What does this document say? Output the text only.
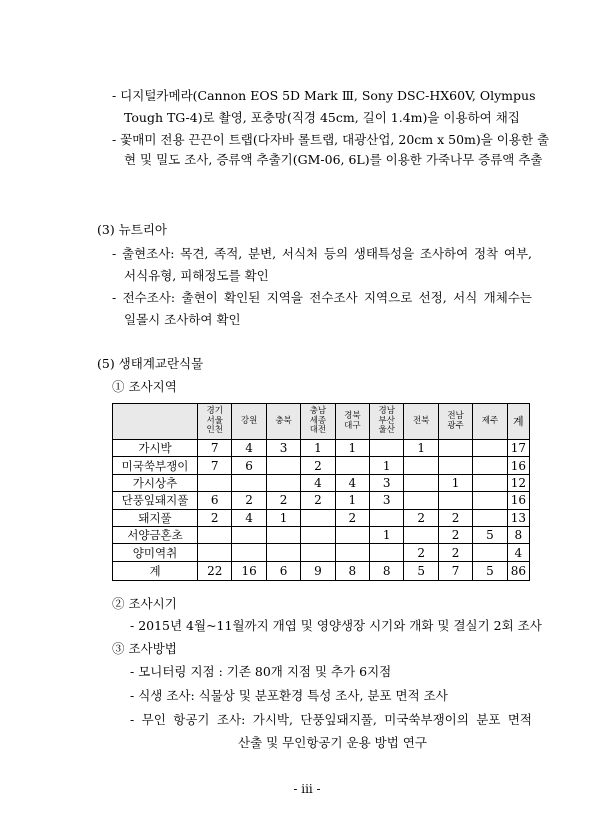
- 디지털카메라(Cannon EOS 5D Mark Ⅲ, Sony DSC-HX60V, Olympus
Tough TG-4)로 촬영, 포충망(직경 45cm, 길이 1.4m)을 이용하여 채집
- 꽃매미 전용 끈끈이 트랩(다자바 롤트랩, 대광산업, 20cm x 50m)을 이용한 출
현 및 밀도 조사, 증류액 추출기(GM-06, 6L)를 이용한 가죽나무 증류액 추출
(3) 뉴트리아
- 출현조사: 목견, 족적, 분변, 서식처 등의 생태특성을 조사하여 정착 여부,
서식유형, 피해정도를 확인
- 전수조사: 출현이 확인된 지역을 전수조사 지역으로 선정, 서식 개체수는
일몰시 조사하여 확인
(5) 생태계교란식물
① 조사지역
	경기
서울
인천	강원	충북	충남
세종
대전	경북
대구	경남
부산
울산	전북	전남
광주	제주	계
가시박	7	4	3	1	1		1			17
미국쑥부쟁이	7	6		2		1				16
가시상추				4	4	3		1		12
단풍잎돼지풀	6	2	2	2	1	3				16
돼지풀	2	4	1		2		2	2		13
서양금혼초						1		2	5	8
양미역취							2	2		4
계	22	16	6	9	8	8	5	7	5	86
② 조사시기
- 2015년 4월~11월까지 개엽 및 영양생장 시기와 개화 및 결실기 2회 조사
③ 조사방법
- 모니터링 지점 : 기존 80개 지점 및 추가 6지점
- 식생 조사: 식물상 및 분포환경 특성 조사, 분포 면적 조사
- 무인 항공기 조사: 가시박, 단풍잎돼지풀, 미국쑥부쟁이의 분포 면적
산출 및 무인항공기 운용 방법 연구
- iii -
